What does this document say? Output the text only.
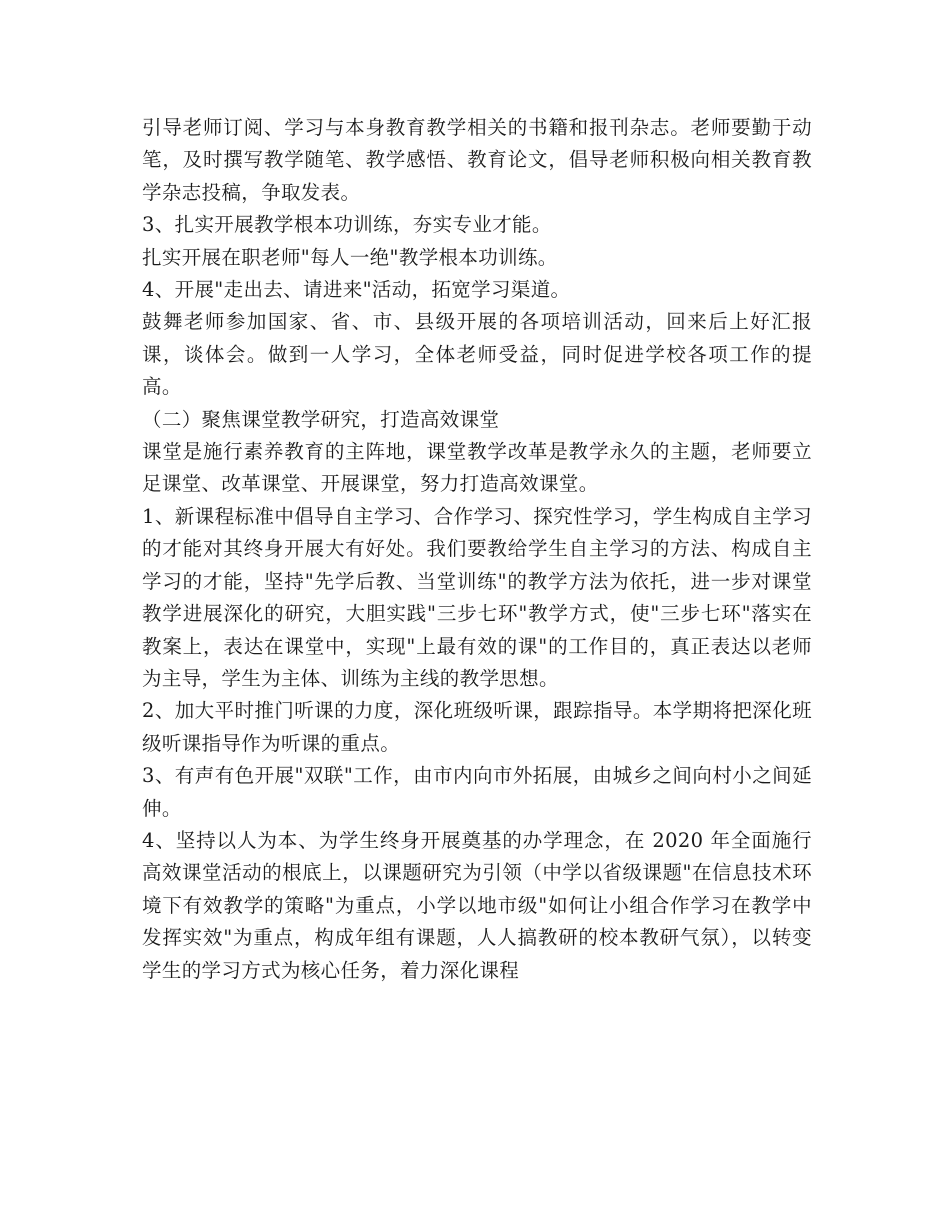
引导老师订阅、学习与本身教育教学相关的书籍和报刊杂志。老师要勤于动笔，及时撰写教学随笔、教学感悟、教育论文，倡导老师积极向相关教育教学杂志投稿，争取发表。

3、扎实开展教学根本功训练，夯实专业才能。

扎实开展在职老师"每人一绝"教学根本功训练。

4、开展"走出去、请进来"活动，拓宽学习渠道。

鼓舞老师参加国家、省、市、县级开展的各项培训活动，回来后上好汇报课，谈体会。做到一人学习，全体老师受益，同时促进学校各项工作的提高。

（二）聚焦课堂教学研究，打造高效课堂

课堂是施行素养教育的主阵地，课堂教学改革是教学永久的主题，老师要立足课堂、改革课堂、开展课堂，努力打造高效课堂。

1、新课程标准中倡导自主学习、合作学习、探究性学习，学生构成自主学习的才能对其终身开展大有好处。我们要教给学生自主学习的方法、构成自主学习的才能，坚持"先学后教、当堂训练"的教学方法为依托，进一步对课堂教学进展深化的研究，大胆实践"三步七环"教学方式，使"三步七环"落实在教案上，表达在课堂中，实现"上最有效的课"的工作目的，真正表达以老师为主导，学生为主体、训练为主线的教学思想。

2、加大平时推门听课的力度，深化班级听课，跟踪指导。本学期将把深化班级听课指导作为听课的重点。

3、有声有色开展"双联"工作，由市内向市外拓展，由城乡之间向村小之间延伸。

4、坚持以人为本、为学生终身开展奠基的办学理念，在 2020 年全面施行高效课堂活动的根底上，以课题研究为引领（中学以省级课题"在信息技术环境下有效教学的策略"为重点，小学以地市级"如何让小组合作学习在教学中发挥实效"为重点，构成年组有课题，人人搞教研的校本教研气氛），以转变学生的学习方式为核心任务，着力深化课程
